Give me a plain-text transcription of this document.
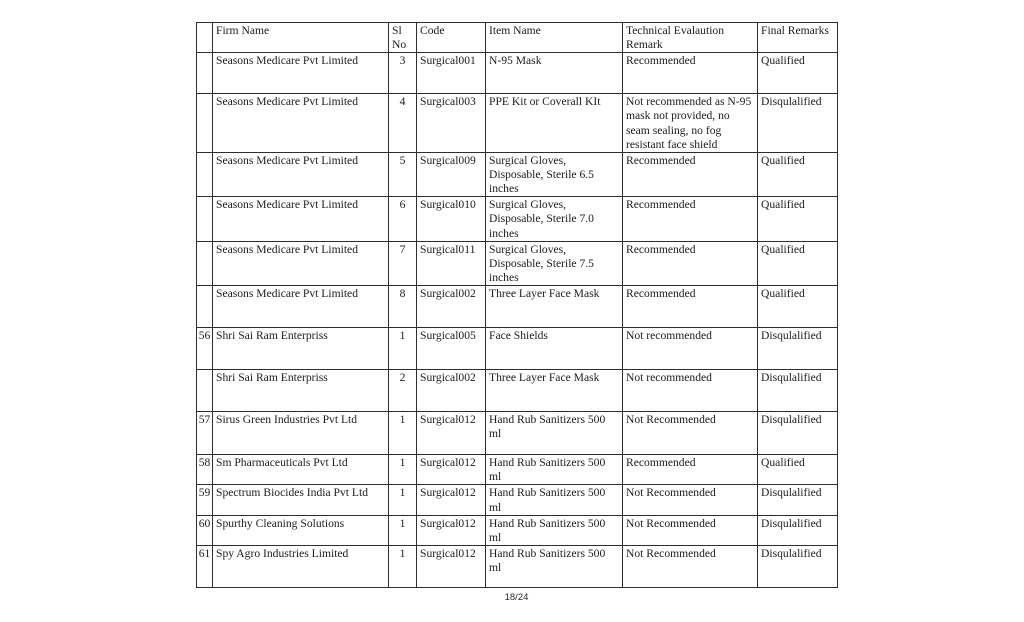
	Firm Name	Sl No	Code	Item Name	Technical Evalaution Remark	Final Remarks
	Seasons Medicare Pvt Limited	3	Surgical001	N-95 Mask	Recommended	Qualified
	Seasons Medicare Pvt Limited	4	Surgical003	PPE Kit or Coverall KIt	Not recommended as N-95 mask not provided, no seam sealing, no fog resistant face shield	Disqulalified
	Seasons Medicare Pvt Limited	5	Surgical009	Surgical Gloves, Disposable, Sterile 6.5 inches	Recommended	Qualified
	Seasons Medicare Pvt Limited	6	Surgical010	Surgical Gloves, Disposable, Sterile 7.0 inches	Recommended	Qualified
	Seasons Medicare Pvt Limited	7	Surgical011	Surgical Gloves, Disposable, Sterile 7.5 inches	Recommended	Qualified
	Seasons Medicare Pvt Limited	8	Surgical002	Three Layer Face Mask	Recommended	Qualified
56	Shri Sai Ram Enterpriss	1	Surgical005	Face Shields	Not recommended	Disqulalified
	Shri Sai Ram Enterpriss	2	Surgical002	Three Layer Face Mask	Not recommended	Disqulalified
57	Sirus Green Industries Pvt Ltd	1	Surgical012	Hand Rub Sanitizers 500 ml	Not Recommended	Disqulalified
58	Sm Pharmaceuticals Pvt Ltd	1	Surgical012	Hand Rub Sanitizers 500 ml	Recommended	Qualified
59	Spectrum Biocides India Pvt Ltd	1	Surgical012	Hand Rub Sanitizers 500 ml	Not Recommended	Disqulalified
60	Spurthy Cleaning Solutions	1	Surgical012	Hand Rub Sanitizers 500 ml	Not Recommended	Disqulalified
61	Spy Agro Industries Limited	1	Surgical012	Hand Rub Sanitizers 500 ml	Not Recommended	Disqulalified
18/24
